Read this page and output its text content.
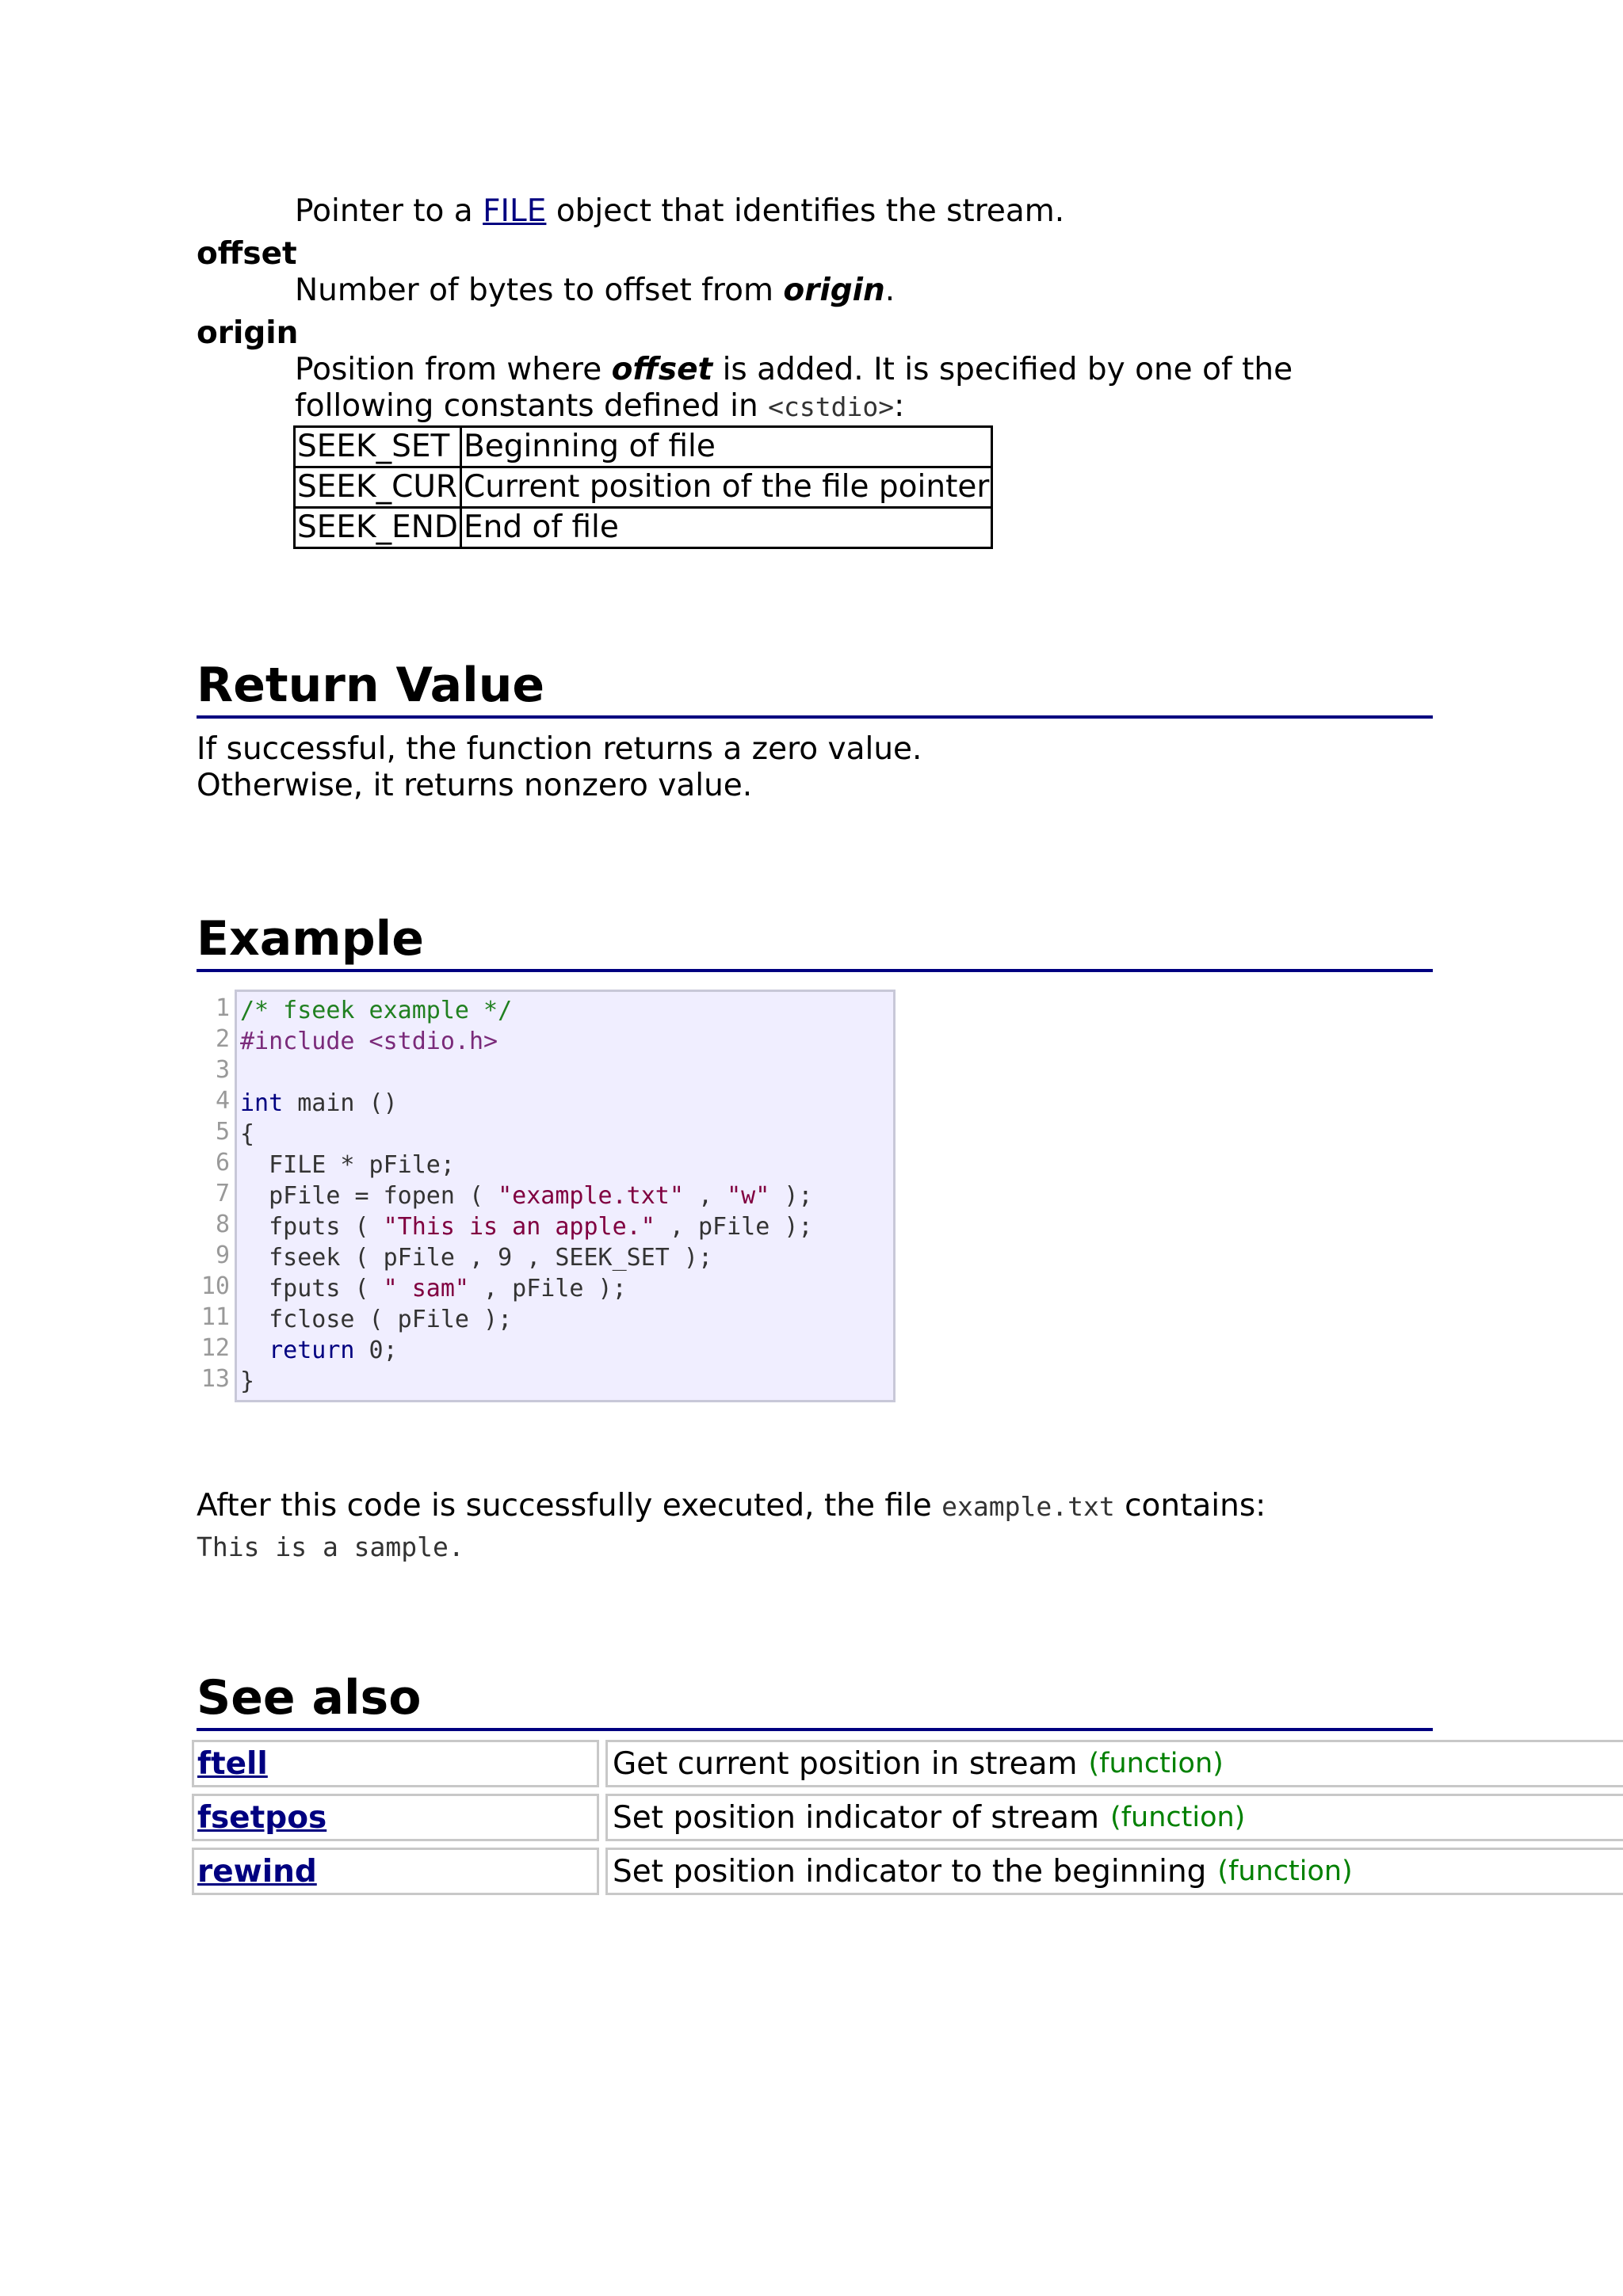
Pointer to a FILE object that identifies the stream.
offset
Number of bytes to offset from origin.
origin
Position from where offset is added. It is specified by one of the following constants defined in <cstdio>:
SEEK_SET	Beginning of file
SEEK_CUR	Current position of the file pointer
SEEK_END	End of file
Return Value
If successful, the function returns a zero value.
Otherwise, it returns nonzero value.
Example
1
2
3
4
5
6
7
8
9
10
11
12
13
/* fseek example */
#include <stdio.h>

int main ()
{
FILE * pFile;
pFile = fopen ( "example.txt" , "w" );
fputs ( "This is an apple." , pFile );
fseek ( pFile , 9 , SEEK_SET );
fputs ( " sam" , pFile );
fclose ( pFile );
return 0;
}
After this code is successfully executed, the file example.txt contains:
This is a sample.
See also
ftell	Get current position in stream (function)
fsetpos	Set position indicator of stream (function)
rewind	Set position indicator to the beginning (function)
